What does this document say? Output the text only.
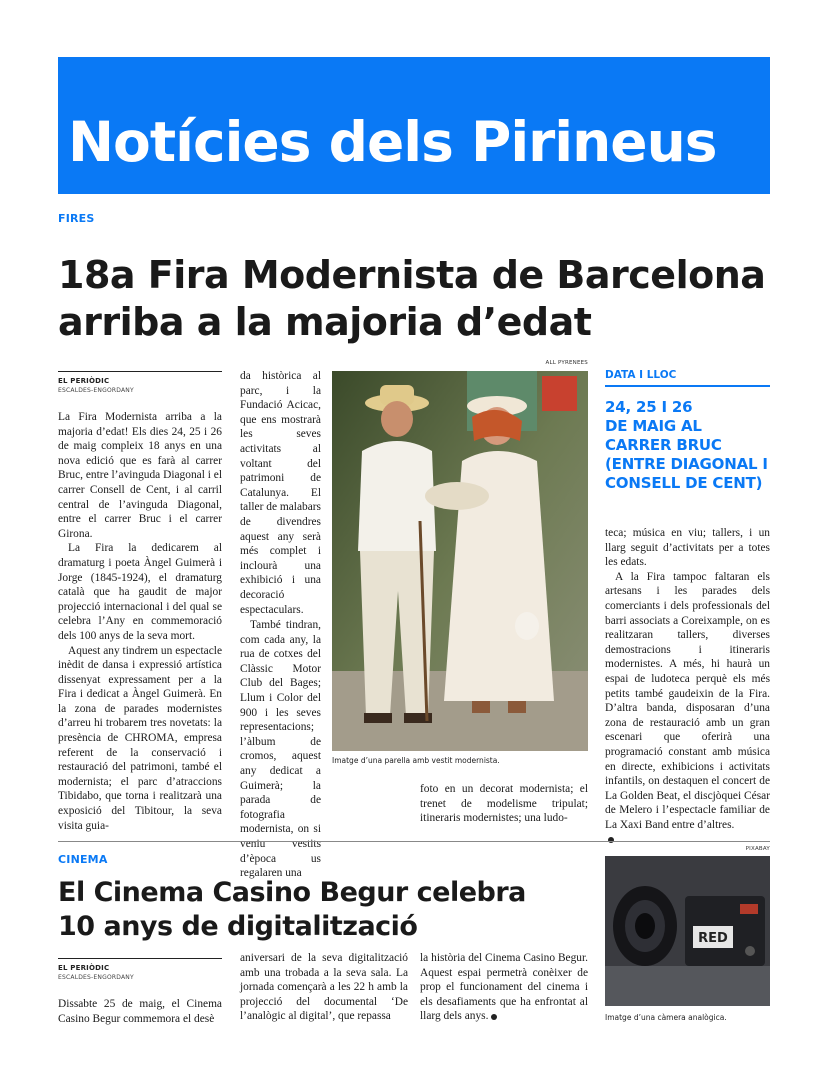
Notícies dels Pirineus
FIRES
18a Fira Modernista de Barcelona
arriba a la majoria d’edat
EL PERIÒDIC
ESCALDES-ENGORDANY

La Fira Modernista arriba a la majoria d’edat! Els dies 24, 25 i 26 de maig compleix 18 anys en una nova edició que es farà al carrer Bruc, entre l’avinguda Diagonal i el carrer Consell de Cent, i al carril central de l’avinguda Diagonal, entre el carrer Bruc i el carrer Girona.

La Fira la dedicarem al dramaturg i poeta Àngel Guimerà i Jorge (1845-1924), el dramaturg català que ha gaudit de major projecció internacional i del qual se celebra l’Any en commemoració dels 100 anys de la seva mort.

Aquest any tindrem un espectacle inèdit de dansa i expressió artística dissenyat expressament per a la Fira i dedicat a Àngel Guimerà. En la zona de parades modernistes d’arreu hi trobarem tres novetats: la presència de CHROMA, empresa referent de la conservació i restauració del patrimoni, també el modernista; el parc d’atraccions Tibidabo, que torna i realitzarà una exposició del Tibitour, la seva visita guia-

da històrica al parc, i la Fundació Acicac, que ens mostrarà les seves activitats al voltant del patrimoni de Catalunya. El taller de malabars de divendres aquest any serà més complet i inclourà una exhibició i una decoració espectaculars.

També tindran, com cada any, la rua de cotxes del Clàssic Motor Club del Bages; Llum i Color del 900 i les seves representacions; l’àlbum de cromos, aquest any dedicat a Guimerà; la parada de fotografia modernista, on si veniu vestits d’època us regalaren una

ALL PYRENEES
Imatge d’una parella amb vestit modernista.

foto en un decorat modernista; el trenet de modelisme tripulat; itineraris modernistes; una ludo-

DATA I LLOC
24, 25 I 26
DE MAIG AL
CARRER BRUC
(ENTRE DIAGONAL I
CONSELL DE CENT)

teca; música en viu; tallers, i un llarg seguit d’activitats per a totes les edats.

A la Fira tampoc faltaran els artesans i les parades dels comerciants i dels professionals del barri associats a Coreixample, on es realitzaran tallers, diverses demostracions i itineraris modernistes. A més, hi haurà un espai de ludoteca perquè els més petits també gaudeixin de la Fira. D’altra banda, disposaran d’una zona de restauració amb un gran escenari que oferirà una programació constant amb música en directe, exhibicions i activitats infantils, on destaquen el concert de La Golden Beat, el discjòquei César de Melero i l’espectacle familiar de La Xaxi Band entre d’altres.

CINEMA
El Cinema Casino Begur celebra
10 anys de digitalització
EL PERIÒDIC
ESCALDES-ENGORDANY

Dissabte 25 de maig, el Cinema Casino Begur commemora el desè

aniversari de la seva digitalització amb una trobada a la seva sala. La jornada començarà a les 22 h amb la projecció del documental ‘De l’analògic al digital’, que repassa

la història del Cinema Casino Begur. Aquest espai permetrà conèixer de prop el funcionament del cinema i els desafiaments que ha enfrontat al llarg dels anys.

PIXABAY
RED
Imatge d’una càmera analògica.
